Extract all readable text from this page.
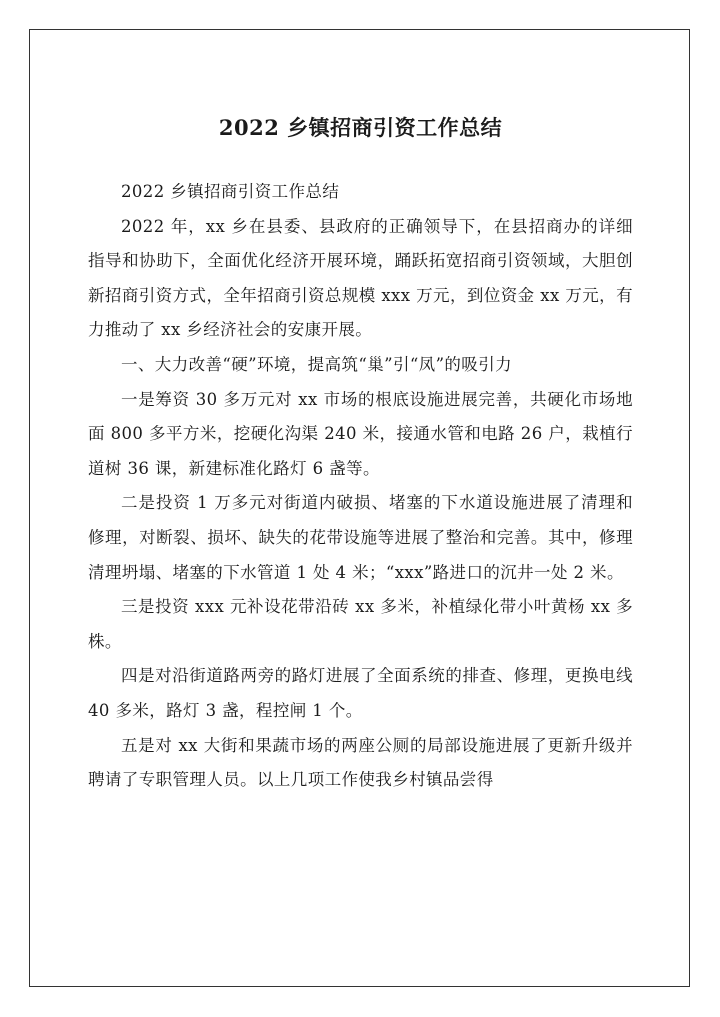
2022 乡镇招商引资工作总结

2022 乡镇招商引资工作总结

2022 年，xx 乡在县委、县政府的正确领导下，在县招商办的详细指导和协助下，全面优化经济开展环境，踊跃拓宽招商引资领域，大胆创新招商引资方式，全年招商引资总规模 xxx 万元，到位资金 xx 万元，有力推动了 xx 乡经济社会的安康开展。

一、大力改善“硬”环境，提高筑“巢”引“凤”的吸引力

一是筹资 30 多万元对 xx 市场的根底设施进展完善，共硬化市场地面 800 多平方米，挖硬化沟渠 240 米，接通水管和电路 26 户，栽植行道树 36 课，新建标准化路灯 6 盏等。

二是投资 1 万多元对街道内破损、堵塞的下水道设施进展了清理和修理，对断裂、损坏、缺失的花带设施等进展了整治和完善。其中，修理清理坍塌、堵塞的下水管道 1 处 4 米；“xxx”路进口的沉井一处 2 米。

三是投资 xxx 元补设花带沿砖 xx 多米，补植绿化带小叶黄杨 xx 多株。

四是对沿街道路两旁的路灯进展了全面系统的排查、修理，更换电线 40 多米，路灯 3 盏，程控闸 1 个。

五是对 xx 大街和果蔬市场的两座公厕的局部设施进展了更新升级并聘请了专职管理人员。以上几项工作使我乡村镇品尝得
